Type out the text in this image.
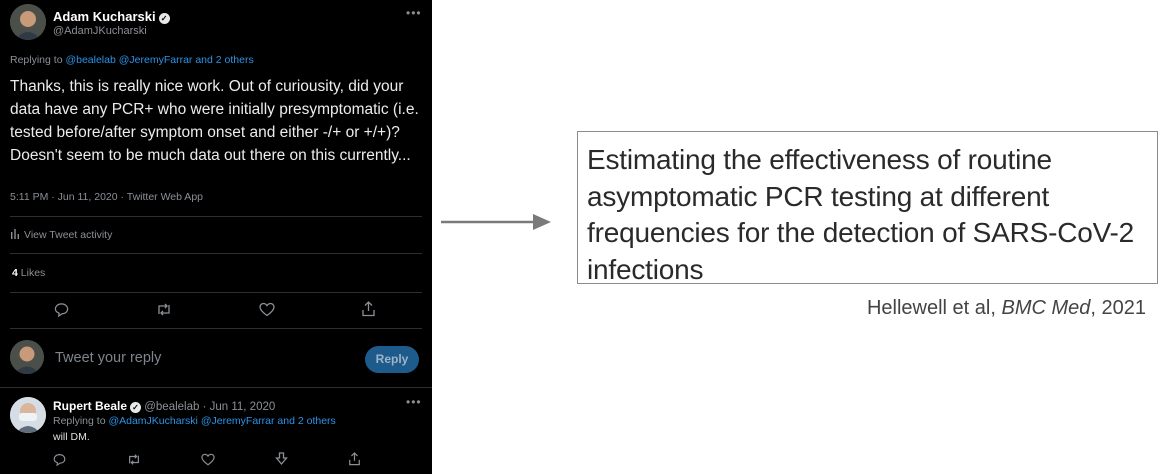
Adam Kucharski ✓
@AdamJKucharski
•••
Replying to @bealelab @JeremyFarrar and 2 others
Thanks, this is really nice work. Out of curiousity, did your data have any PCR+ who were initially presymptomatic (i.e. tested before/after symptom onset and either -/+ or +/+)? Doesn't seem to be much data out there on this currently...
5:11 PM · Jun 11, 2020 · Twitter Web App
View Tweet activity
4 Likes
Tweet your reply	Reply
Rupert Beale ✓ @bealelab · Jun 11, 2020	•••
Replying to @AdamJKucharski @JeremyFarrar and 2 others
will DM.
Estimating the effectiveness of routine asymptomatic PCR testing at different frequencies for the detection of SARS-CoV-2 infections
Hellewell et al, BMC Med, 2021
